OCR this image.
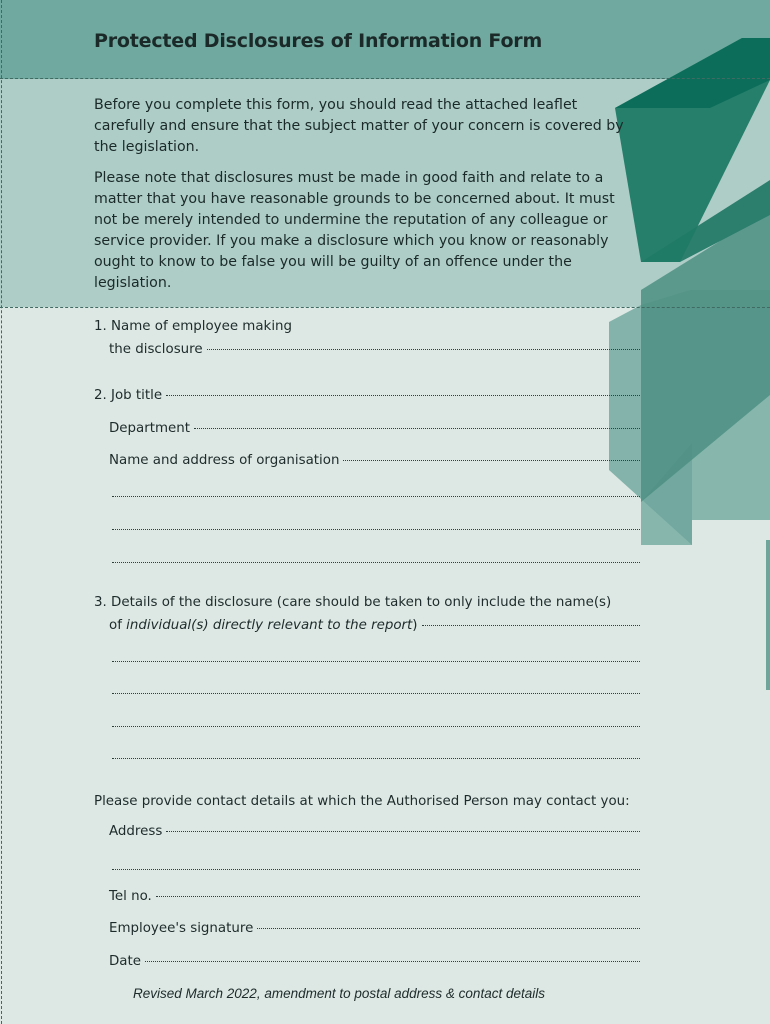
Protected Disclosures of Information Form

Before you complete this form, you should read the attached leaflet carefully and ensure that the subject matter of your concern is covered by the legislation.

Please note that disclosures must be made in good faith and relate to a matter that you have reasonable grounds to be concerned about. It must not be merely intended to undermine the reputation of any colleague or service provider. If you make a disclosure which you know or reasonably ought to know to be false you will be guilty of an offence under the legislation.

1. Name of employee making

the disclosure
2. Job title
Department
Name and address of organisation

3. Details of the disclosure (care should be taken to only include the name(s)

of individual(s) directly relevant to the report)

Please provide contact details at which the Authorised Person may contact you:

Address
Tel no.
Employee's signature
Date

Revised March 2022, amendment to postal address & contact details
